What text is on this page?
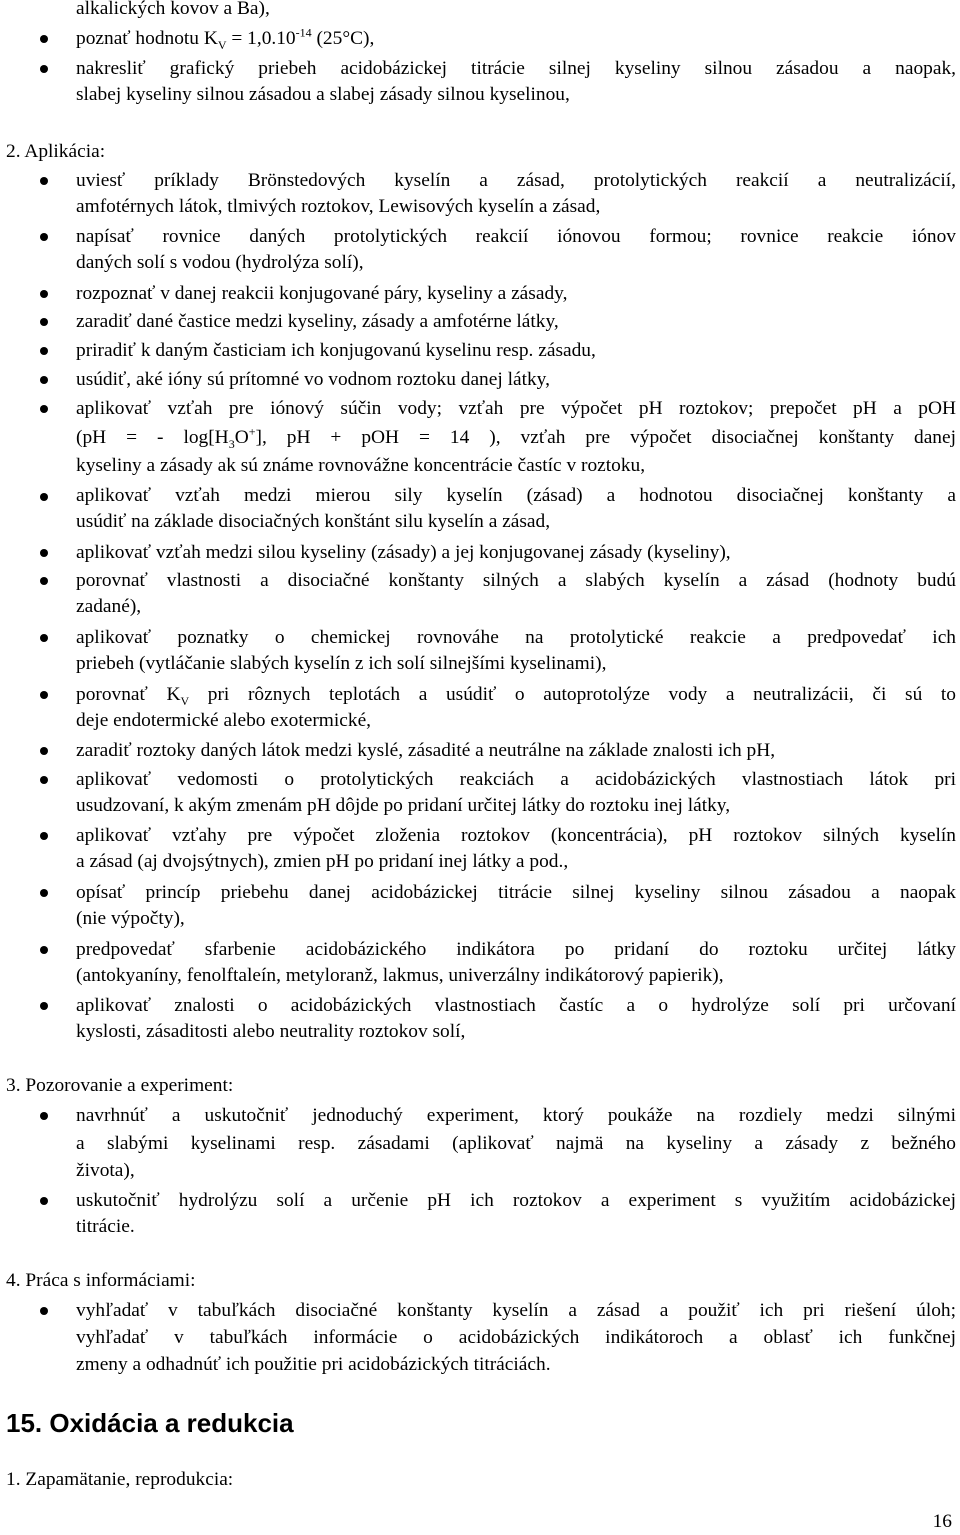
alkalických kovov a Ba),
poznať hodnotu $K_V = 1,0.10^{-14}$ (25°C),
nakresliť grafický priebeh acidobázickej titrácie silnej kyseliny silnou zásadou a naopak,
slabej kyseliny silnou zásadou a slabej zásady silnou kyselinou,
2. Aplikácia:
uviesť príklady Brönstedových kyselín a zásad, protolytických reakcií a neutralizácií,
amfotérnych látok, tlmivých roztokov, Lewisových kyselín a zásad,
napísať rovnice daných protolytických reakcií iónovou formou; rovnice reakcie iónov
daných solí s vodou (hydrolýza solí),
rozpoznať v danej reakcii konjugované páry, kyseliny a zásady,
zaradiť dané častice medzi kyseliny, zásady a amfotérne látky,
priradiť k daným časticiam ich konjugovanú kyselinu resp. zásadu,
usúdiť, aké ióny sú prítomné vo vodnom roztoku danej látky,
aplikovať vzťah pre iónový súčin vody; vzťah pre výpočet pH roztokov; prepočet pH a pOH
(pH = - $\log[H_3O^+]$, pH + pOH = 14 ), vzťah pre výpočet disociačnej konštanty danej
kyseliny a zásady ak sú známe rovnovážne koncentrácie častíc v roztoku,
aplikovať vzťah medzi mierou sily kyselín (zásad) a hodnotou disociačnej konštanty a
usúdiť na základe disociačných konštánt silu kyselín a zásad,
aplikovať vzťah medzi silou kyseliny (zásady) a jej konjugovanej zásady (kyseliny),
porovnať vlastnosti a disociačné konštanty silných a slabých kyselín a zásad (hodnoty budú
zadané),
aplikovať poznatky o chemickej rovnováhe na protolytické reakcie a predpovedať ich
priebeh (vytláčanie slabých kyselín z ich solí silnejšími kyselinami),
porovnať $K_V$ pri rôznych teplotách a usúdiť o autoprotolýze vody a neutralizácii, či sú to
deje endotermické alebo exotermické,
zaradiť roztoky daných látok medzi kyslé, zásadité a neutrálne na základe znalosti ich pH,
aplikovať vedomosti o protolytických reakciách a acidobázických vlastnostiach látok pri
usudzovaní, k akým zmenám pH dôjde po pridaní určitej látky do roztoku inej látky,
aplikovať vzťahy pre výpočet zloženia roztokov (koncentrácia), pH roztokov silných kyselín
a zásad (aj dvojsýtnych), zmien pH po pridaní inej látky a pod.,
opísať princíp priebehu danej acidobázickej titrácie silnej kyseliny silnou zásadou a naopak
(nie výpočty),
predpovedať sfarbenie acidobázického indikátora po pridaní do roztoku určitej látky
(antokyaníny, fenolftaleín, metyloranž, lakmus, univerzálny indikátorový papierik),
aplikovať znalosti o acidobázických vlastnostiach častíc a o hydrolýze solí pri určovaní
kyslosti, zásaditosti alebo neutrality roztokov solí,
3. Pozorovanie a experiment:
navrhnúť a uskutočniť jednoduchý experiment, ktorý poukáže na rozdiely medzi silnými
a slabými kyselinami resp. zásadami (aplikovať najmä na kyseliny a zásady z bežného
života),
uskutočniť hydrolýzu solí a určenie pH ich roztokov a experiment s využitím acidobázickej
titrácie.
4. Práca s informáciami:
vyhľadať v tabuľkách disociačné konštanty kyselín a zásad a použiť ich pri riešení úloh;
vyhľadať v tabuľkách informácie o acidobázických indikátoroch a oblasť ich funkčnej
zmeny a odhadnúť ich použitie pri acidobázických titráciách.
15. Oxidácia a redukcia
1. Zapamätanie, reprodukcia:
16
